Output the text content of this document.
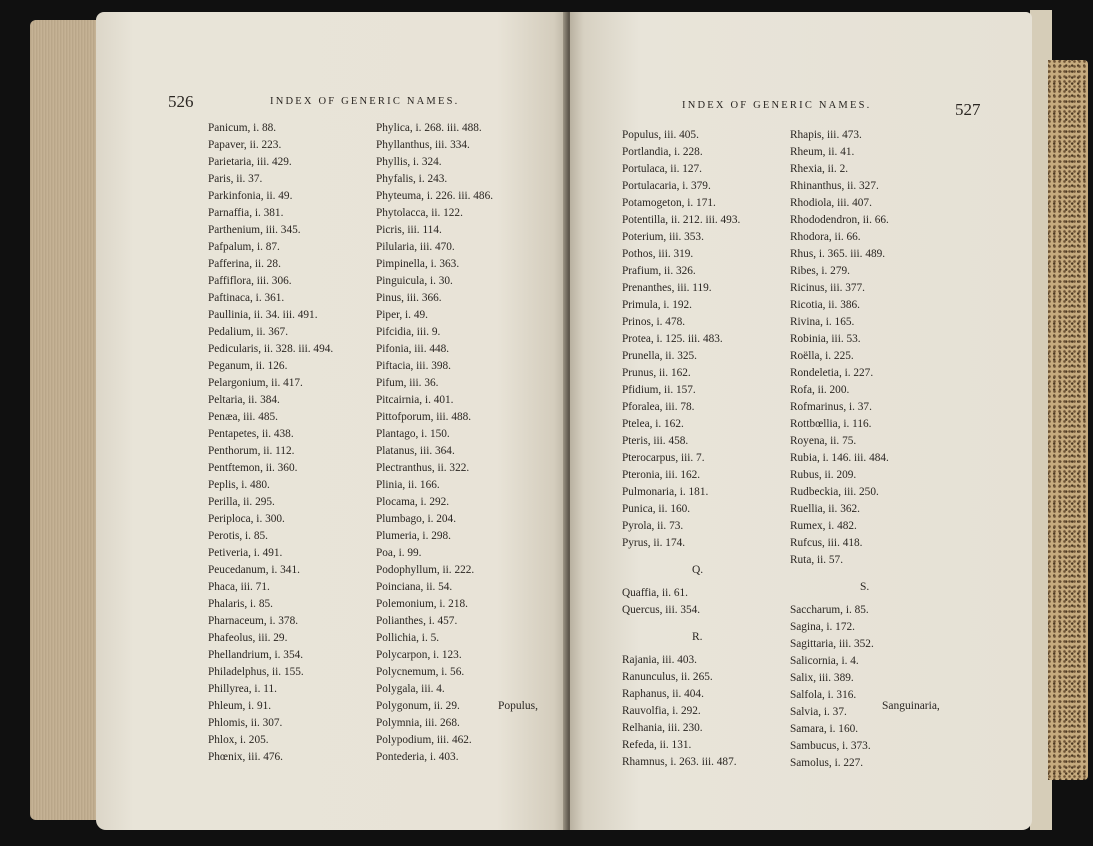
526	INDEX OF GENERIC NAMES.
Panicum, i. 88.
Papaver, ii. 223.
Parietaria, iii. 429.
Paris, ii. 37.
Parkinfonia, ii. 49.
Parnaffia, i. 381.
Parthenium, iii. 345.
Pafpalum, i. 87.
Pafferina, ii. 28.
Paffiflora, iii. 306.
Paftinaca, i. 361.
Paullinia, ii. 34. iii. 491.
Pedalium, ii. 367.
Pedicularis, ii. 328. iii. 494.
Peganum, ii. 126.
Pelargonium, ii. 417.
Peltaria, ii. 384.
Penæa, iii. 485.
Pentapetes, ii. 438.
Penthorum, ii. 112.
Pentftemon, ii. 360.
Peplis, i. 480.
Perilla, ii. 295.
Periploca, i. 300.
Perotis, i. 85.
Petiveria, i. 491.
Peucedanum, i. 341.
Phaca, iii. 71.
Phalaris, i. 85.
Pharnaceum, i. 378.
Phafeolus, iii. 29.
Phellandrium, i. 354.
Philadelphus, ii. 155.
Phillyrea, i. 11.
Phleum, i. 91.
Phlomis, ii. 307.
Phlox, i. 205.
Phœnix, iii. 476.
Phylica, i. 268. iii. 488.
Phyllanthus, iii. 334.
Phyllis, i. 324.
Phyfalis, i. 243.
Phyteuma, i. 226. iii. 486.
Phytolacca, ii. 122.
Picris, iii. 114.
Pilularia, iii. 470.
Pimpinella, i. 363.
Pinguicula, i. 30.
Pinus, iii. 366.
Piper, i. 49.
Pifcidia, iii. 9.
Pifonia, iii. 448.
Piftacia, iii. 398.
Pifum, iii. 36.
Pitcairnia, i. 401.
Pittofporum, iii. 488.
Plantago, i. 150.
Platanus, iii. 364.
Plectranthus, ii. 322.
Plinia, ii. 166.
Plocama, i. 292.
Plumbago, i. 204.
Plumeria, i. 298.
Poa, i. 99.
Podophyllum, ii. 222.
Poinciana, ii. 54.
Polemonium, i. 218.
Polianthes, i. 457.
Pollichia, i. 5.
Polycarpon, i. 123.
Polycnemum, i. 56.
Polygala, iii. 4.
Polygonum, ii. 29.
Polymnia, iii. 268.
Polypodium, iii. 462.
Pontederia, i. 403.
Populus,
INDEX OF GENERIC NAMES.	527
Populus, iii. 405.
Portlandia, i. 228.
Portulaca, ii. 127.
Portulacaria, i. 379.
Potamogeton, i. 171.
Potentilla, ii. 212. iii. 493.
Poterium, iii. 353.
Pothos, iii. 319.
Prafium, ii. 326.
Prenanthes, iii. 119.
Primula, i. 192.
Prinos, i. 478.
Protea, i. 125. iii. 483.
Prunella, ii. 325.
Prunus, ii. 162.
Pfidium, ii. 157.
Pforalea, iii. 78.
Ptelea, i. 162.
Pteris, iii. 458.
Pterocarpus, iii. 7.
Pteronia, iii. 162.
Pulmonaria, i. 181.
Punica, ii. 160.
Pyrola, ii. 73.
Pyrus, ii. 174.
Q.
Quaffia, ii. 61.
Quercus, iii. 354.
R.
Rajania, iii. 403.
Ranunculus, ii. 265.
Raphanus, ii. 404.
Rauvolfia, i. 292.
Relhania, iii. 230.
Refeda, ii. 131.
Rhamnus, i. 263. iii. 487.
Rhapis, iii. 473.
Rheum, ii. 41.
Rhexia, ii. 2.
Rhinanthus, ii. 327.
Rhodiola, iii. 407.
Rhododendron, ii. 66.
Rhodora, ii. 66.
Rhus, i. 365. iii. 489.
Ribes, i. 279.
Ricinus, iii. 377.
Ricotia, ii. 386.
Rivina, i. 165.
Robinia, iii. 53.
Roëlla, i. 225.
Rondeletia, i. 227.
Rofa, ii. 200.
Rofmarinus, i. 37.
Rottbœllia, i. 116.
Royena, ii. 75.
Rubia, i. 146. iii. 484.
Rubus, ii. 209.
Rudbeckia, iii. 250.
Ruellia, ii. 362.
Rumex, i. 482.
Rufcus, iii. 418.
Ruta, ii. 57.
S.
Saccharum, i. 85.
Sagina, i. 172.
Sagittaria, iii. 352.
Salicornia, i. 4.
Salix, iii. 389.
Salfola, i. 316.
Salvia, i. 37.
Samara, i. 160.
Sambucus, i. 373.
Samolus, i. 227.
Sanguinaria,
